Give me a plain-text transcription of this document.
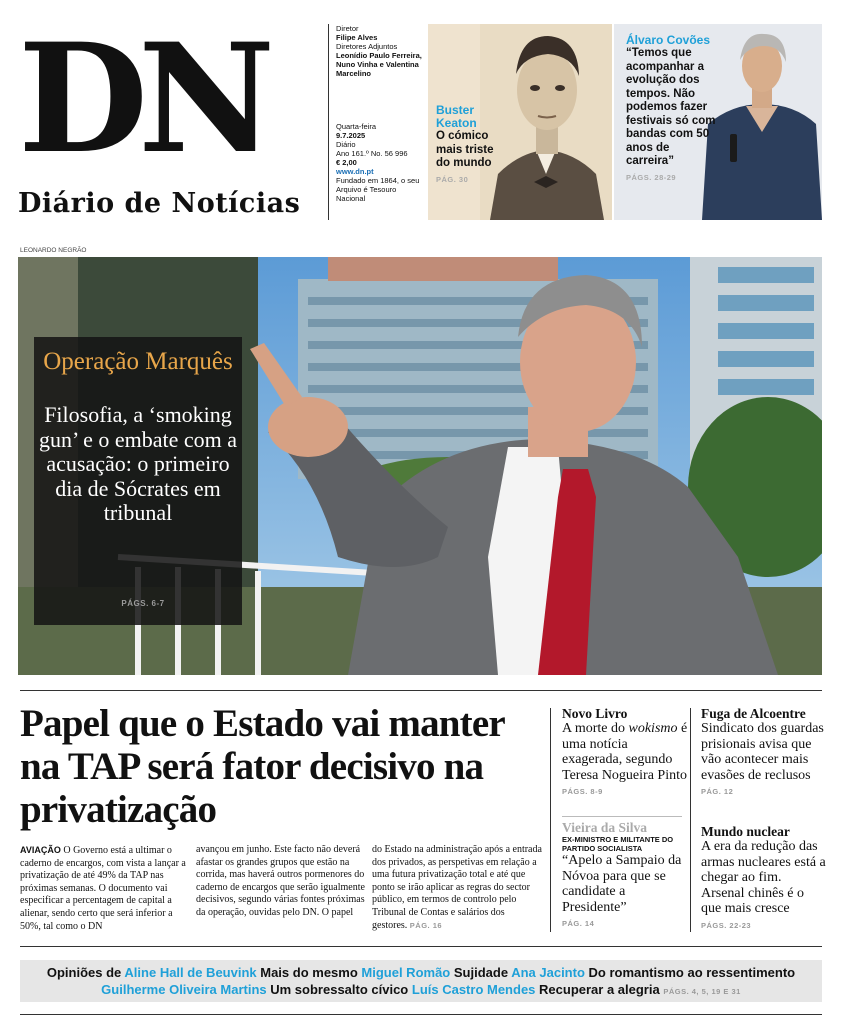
DN
Diário de Notícias
Diretor
Filipe Alves
Diretores Adjuntos
Leonídio Paulo Ferreira, Nuno Vinha e Valentina Marcelino
Quarta-feira
9.7.2025
Diário
Ano 161.º No. 56 996
€ 2,00
www.dn.pt
Fundado em 1864, o seu Arquivo é Tesouro Nacional
Buster Keaton
O cómico mais triste do mundo
PÁG. 30
Álvaro Covões
“Temos que acompanhar a evolução dos tempos. Não podemos fazer festivais só com bandas com 50 anos de carreira”
PÁGS. 28-29
LEONARDO NEGRÃO
Operação Marquês
Filosofia, a ‘smoking gun’ e o embate com a acusação: o primeiro dia de Sócrates em tribunal
PÁGS. 6-7
Papel que o Estado vai manter na TAP será fator decisivo na privatização
AVIAÇÃO O Governo está a ultimar o caderno de encargos, com vista a lançar a privatização de até 49% da TAP nas próximas semanas. O documento vai especificar a percentagem de capital a alienar, sendo certo que será inferior a 50%, tal como o DN
avançou em junho. Este facto não deverá afastar os grandes grupos que estão na corrida, mas haverá outros pormenores do caderno de encargos que serão igualmente decisivos, segundo várias fontes próximas da operação, ouvidas pelo DN. O papel
do Estado na administração após a entrada dos privados, as perspetivas em relação a uma futura privatização total e até que ponto se irão aplicar as regras do sector público, em termos de controlo pelo Tribunal de Contas e salários dos gestores. PÁG. 16
Novo Livro
A morte do wokismo é uma notícia exagerada, segundo Teresa Nogueira Pinto
PÁGS. 8-9
Vieira da Silva
EX-MINISTRO E MILITANTE DO PARTIDO SOCIALISTA
“Apelo a Sampaio da Nóvoa para que se candidate a Presidente”
PÁG. 14
Fuga de Alcoentre
Sindicato dos guardas prisionais avisa que vão acontecer mais evasões de reclusos
PÁG. 12
Mundo nuclear
A era da redução das armas nucleares está a chegar ao fim. Arsenal chinês é o que mais cresce
PÁGS. 22-23
Opiniões de Aline Hall de Beuvink Mais do mesmo Miguel Romão Sujidade Ana Jacinto Do romantismo ao ressentimento
Guilherme Oliveira Martins Um sobressalto cívico Luís Castro Mendes Recuperar a alegria PÁGS. 4, 5, 19 E 31
